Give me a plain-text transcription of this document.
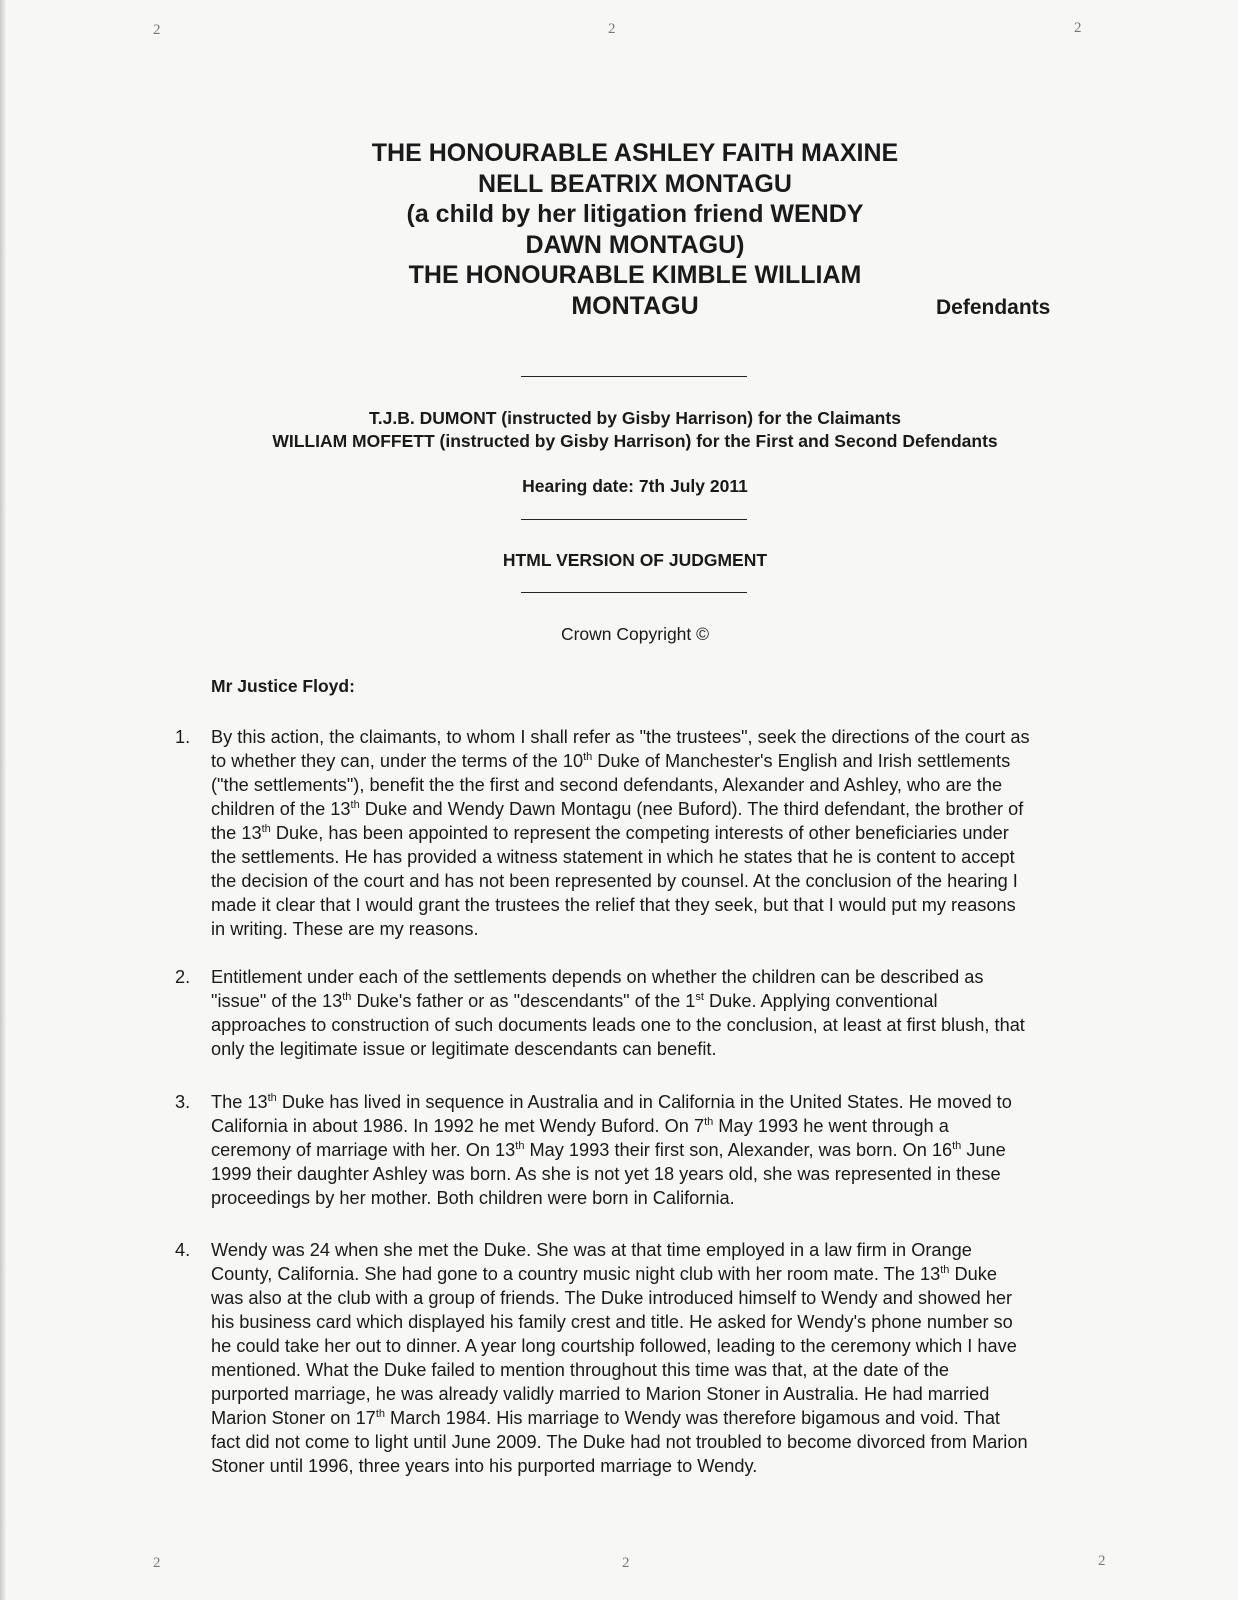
2	2	2
THE HONOURABLE ASHLEY FAITH MAXINE
NELL BEATRIX MONTAGU
(a child by her litigation friend WENDY
DAWN MONTAGU)
THE HONOURABLE KIMBLE WILLIAM
MONTAGU	Defendants
T.J.B. DUMONT (instructed by Gisby Harrison) for the Claimants
WILLIAM MOFFETT (instructed by Gisby Harrison) for the First and Second Defendants
Hearing date: 7th July 2011
HTML VERSION OF JUDGMENT
Crown Copyright ©
Mr Justice Floyd:
1. By this action, the claimants, to whom I shall refer as "the trustees", seek the directions of the court as
to whether they can, under the terms of the 10th Duke of Manchester's English and Irish settlements
("the settlements"), benefit the the first and second defendants, Alexander and Ashley, who are the
children of the 13th Duke and Wendy Dawn Montagu (nee Buford). The third defendant, the brother of
the 13th Duke, has been appointed to represent the competing interests of other beneficiaries under
the settlements. He has provided a witness statement in which he states that he is content to accept
the decision of the court and has not been represented by counsel. At the conclusion of the hearing I
made it clear that I would grant the trustees the relief that they seek, but that I would put my reasons
in writing. These are my reasons.
2. Entitlement under each of the settlements depends on whether the children can be described as
"issue" of the 13th Duke's father or as "descendants" of the 1st Duke. Applying conventional
approaches to construction of such documents leads one to the conclusion, at least at first blush, that
only the legitimate issue or legitimate descendants can benefit.
3. The 13th Duke has lived in sequence in Australia and in California in the United States. He moved to
California in about 1986. In 1992 he met Wendy Buford. On 7th May 1993 he went through a
ceremony of marriage with her. On 13th May 1993 their first son, Alexander, was born. On 16th June
1999 their daughter Ashley was born. As she is not yet 18 years old, she was represented in these
proceedings by her mother. Both children were born in California.
4. Wendy was 24 when she met the Duke. She was at that time employed in a law firm in Orange
County, California. She had gone to a country music night club with her room mate. The 13th Duke
was also at the club with a group of friends. The Duke introduced himself to Wendy and showed her
his business card which displayed his family crest and title. He asked for Wendy's phone number so
he could take her out to dinner. A year long courtship followed, leading to the ceremony which I have
mentioned. What the Duke failed to mention throughout this time was that, at the date of the
purported marriage, he was already validly married to Marion Stoner in Australia. He had married
Marion Stoner on 17th March 1984. His marriage to Wendy was therefore bigamous and void. That
fact did not come to light until June 2009. The Duke had not troubled to become divorced from Marion
Stoner until 1996, three years into his purported marriage to Wendy.
2	2	2
